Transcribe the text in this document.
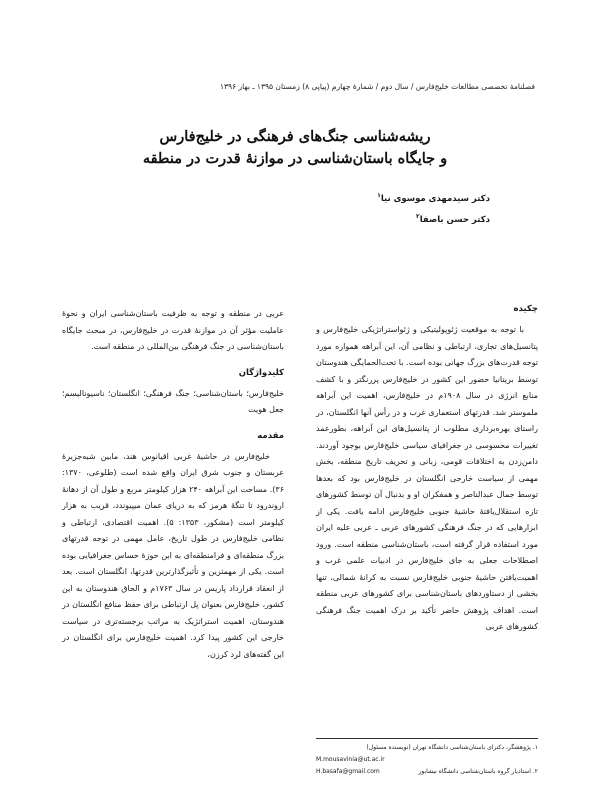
فصلنامۀ تخصصی مطالعات خلیج‌فارس / سال دوم / شمارۀ چهارم (پیاپی ۸) زمستان ۱۳۹۵ ـ بهار ۱۳۹۶
ریشه‌شناسی جنگ‌های فرهنگی در خلیج‌فارس
و جایگاه باستان‌شناسی در موازنۀ قدرت در منطقه
دکتر سیدمهدی موسوی نیا$^۱$
دکتر حسن باصفا$^۲$
چکیده

با توجه به موقعیت ژئوپولیتیکی و ژئواستراتژیکی خلیج‌فارس و پتانسیل‌های تجاری، ارتباطی و نظامی آن، این آبراهه همواره مورد توجه قدرت‌های بزرگ جهانی بوده است. با تحت‌الحمایگی هندوستان توسط بریتانیا حضور این کشور در خلیج‌فارس پررنگتر و با کشف منابع انرژی در سال ۱۹۰۸م در خلیج‌فارس، اهمیت این آبراهه ملموستر شد. قدرتهای استعماری غرب و در رأس آنها انگلستان، در راستای بهره‌برداری مطلوب از پتانسیل‌های این آبراهه، بطورعمد تغییرات محسوسی در جغرافیای سیاسی خلیج‌فارس بوجود آوردند. دامن‌زدن به اختلافات قومی، زبانی و تحریف تاریخ منطقه، بخش مهمی از سیاست خارجی انگلستان در خلیج‌فارس بود که بعدها توسط جمال عبدالناصر و همفکران او و بدنبال آن توسط کشورهای تازه استقلال‌یافتۀ حاشیۀ جنوبی خلیج‌فارس ادامه یافت. یکی از ابزارهایی که در جنگ فرهنگی کشورهای عربی ـ عربی علیه ایران مورد استفاده قرار گرفته است، باستان‌شناسی منطقه است. ورود اصطلاحات جعلی به جای خلیج‌فارس در ادبیات علمی غرب و اهمیت‌یافتن حاشیۀ جنوبی خلیج‌فارس نسبت به کرانۀ شمالی، تنها بخشی از دستاوردهای باستان‌شناسی برای کشورهای عربی منطقه است. اهداف پژوهش حاضر تأکید بر درک اهمیت جنگ فرهنگی کشورهای عربی

عربی در منطقه و توجه به ظرفیت باستان‌شناسی ایران و نحوۀ عاملیت مؤثر آن در موازنۀ قدرت در خلیج‌فارس، در مبحث جایگاه باستان‌شناسی در جنگ فرهنگی بین‌المللی در منطقه است.

کلیدواژگان

خلیج‌فارس؛ باستان‌شناسی؛ جنگ فرهنگی؛ انگلستان؛ ناسیونالیسم؛ جعل هویت

مقدمه

خلیج‌فارس در حاشیۀ غربی اقیانوس هند، مابین شبه‌جزیرۀ عربستان و جنوب شرق ایران واقع شده است (طلوعی، ۱۳۷۰: ۳۶). مساحت این آبراهه ۲۴۰ هزار کیلومتر مربع و طول آن از دهانۀ اروندرود تا تنگۀ هرمز که به دریای عمان میپیوندد، قریب به هزار کیلومتر است (مشکور، ۱۳۵۳: ۵). اهمیت اقتصادی، ارتباطی و نظامی خلیج‌فارس در طول تاریخ، عامل مهمی در توجه قدرتهای بزرگ منطقه‌ای و فرامنطقه‌ای به این حوزۀ حساس جغرافیایی بوده است. یکی از مهمترین و تأثیرگذارترین قدرتها، انگلستان است. بعد از انعقاد قرارداد پاریس در سال ۱۷۶۳م و الحاق هندوستان به این کشور، خلیج‌فارس بعنوان پل ارتباطی برای حفظ منافع انگلستان در هندوستان، اهمیت استراتژیک به مراتب برجسته‌تری در سیاست خارجی این کشور پیدا کرد. اهمیت خلیج‌فارس برای انگلستان در این گفته‌های لرد کرزن،

۱. پژوهشگر، دکترای باستان‌شناسی دانشگاه تهران (نویسنده مسئول)
M.mousavinia@ut.ac.ir
۲. استادیار گروه باستان‌شناسی دانشگاه نیشابور
H.basafa@gmail.com
